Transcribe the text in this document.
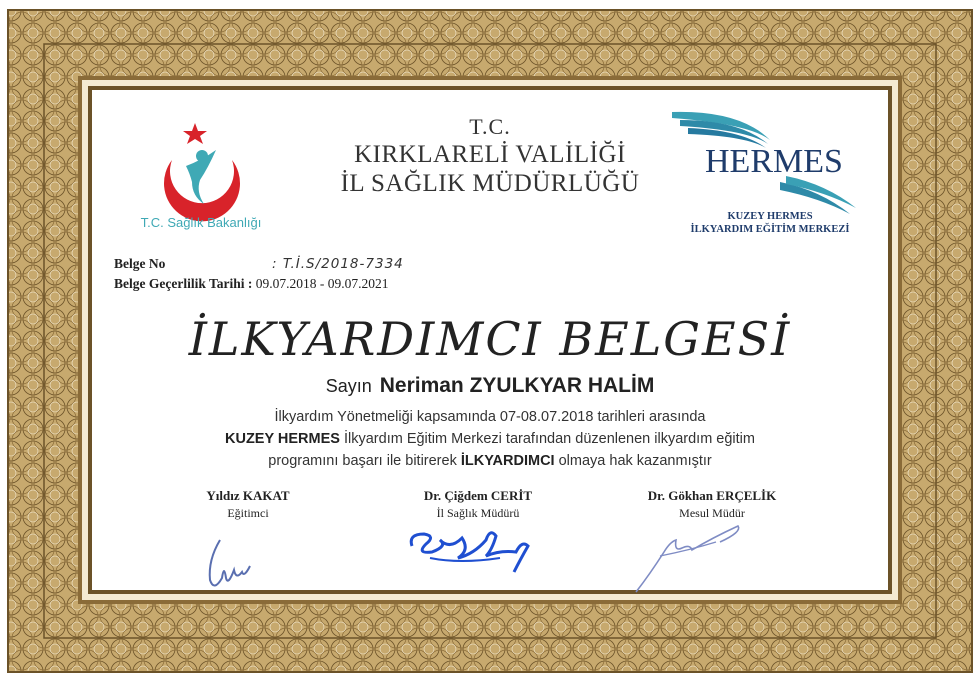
T.C. Sağlık Bakanlığı
T.C.
KIRKLARELİ VALİLİĞİ
İL SAĞLIK MÜDÜRLÜĞÜ
HERMES
KUZEY HERMES
İLKYARDIM EĞİTİM MERKEZİ
Belge No	: T.İ.S/2018-7334
Belge Geçerlilik Tarihi : 09.07.2018 - 09.07.2021
İLKYARDIMCI BELGESİ
Sayın Neriman ZYULKYAR HALİM
İlkyardım Yönetmeliği kapsamında 07-08.07.2018 tarihleri arasında
KUZEY HERMES İlkyardım Eğitim Merkezi tarafından düzenlenen ilkyardım eğitim
programını başarı ile bitirerek İLKYARDIMCI olmaya hak kazanmıştır
Yıldız KAKAT
Eğitimci
Dr. Çiğdem CERİT
İl Sağlık Müdürü
Dr. Gökhan ERÇELİK
Mesul Müdür
